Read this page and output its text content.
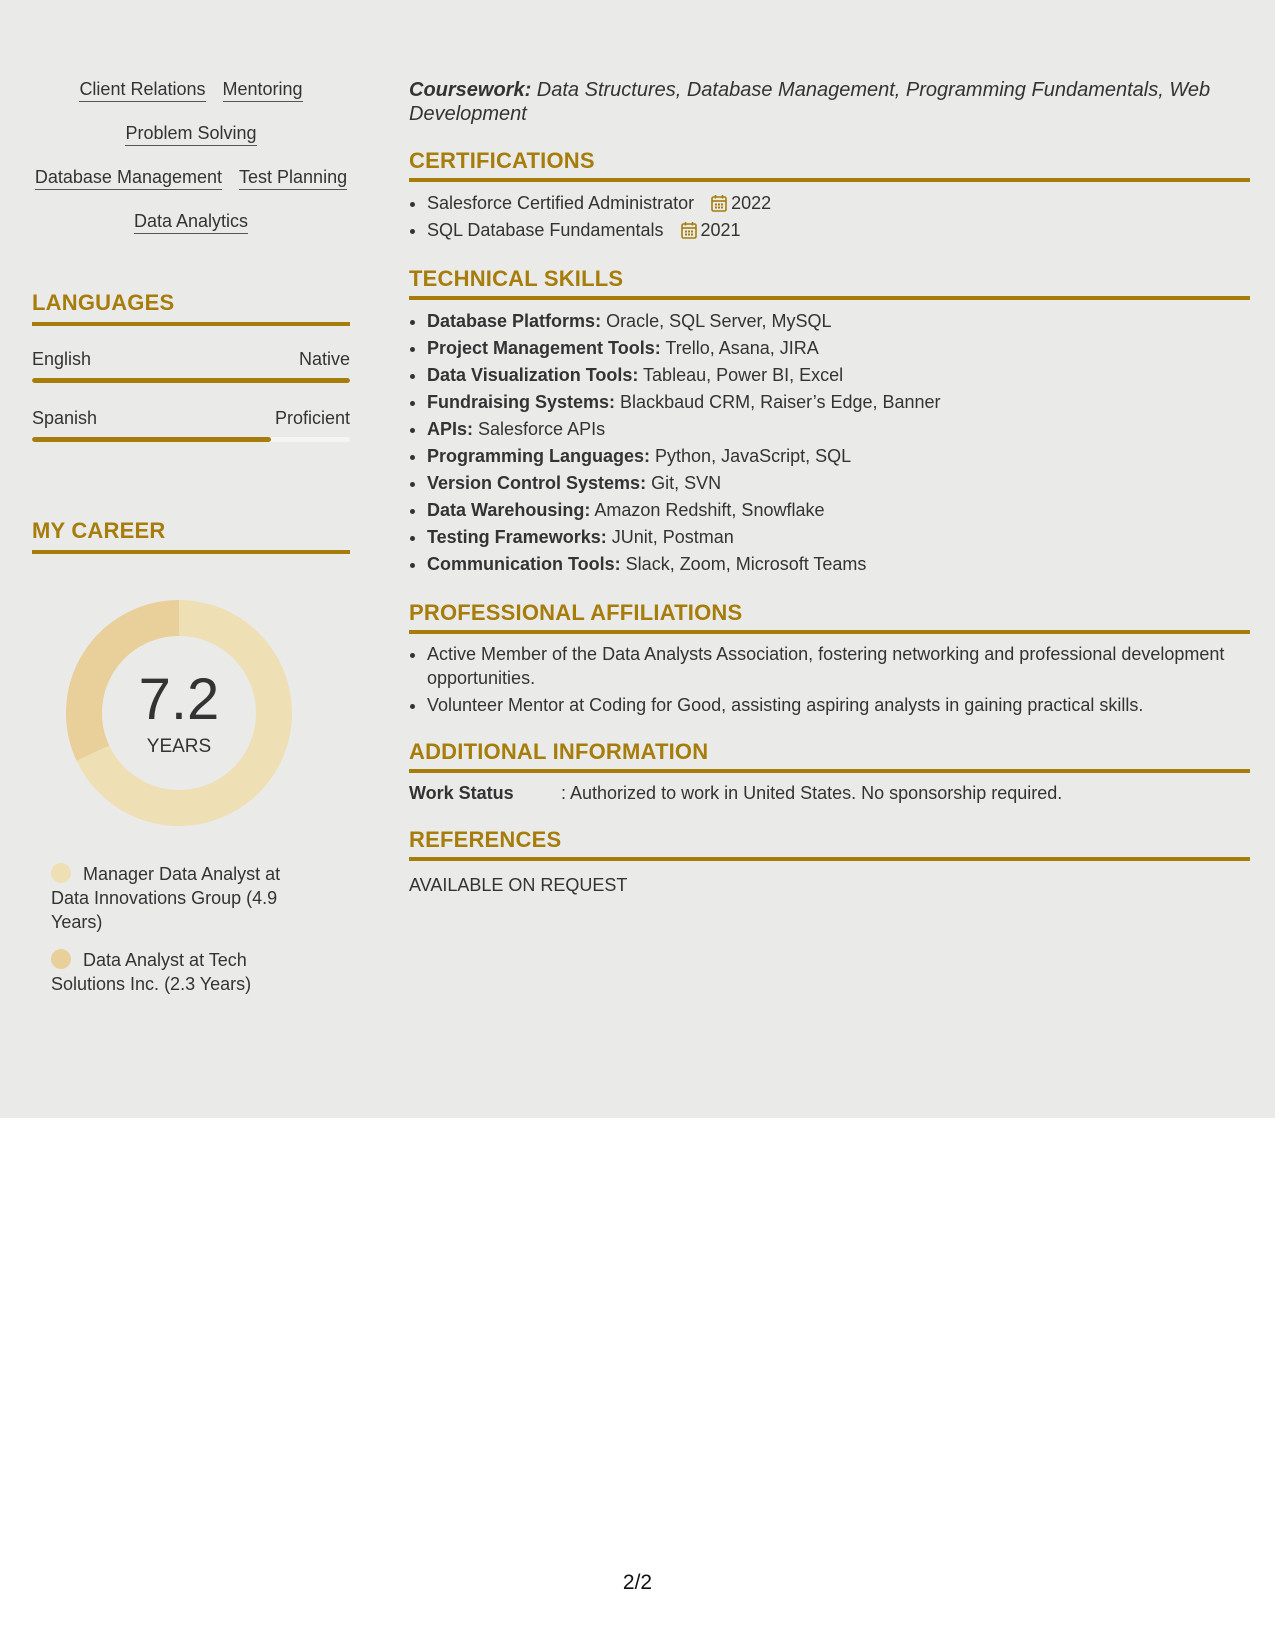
Client Relations Mentoring
Problem Solving
Database Management Test Planning
Data Analytics
LANGUAGES
English	Native
Spanish	Proficient
MY CAREER
7.2
YEARS
Manager Data Analyst at Data Innovations Group (4.9 Years)
Data Analyst at Tech Solutions Inc. (2.3 Years)
Coursework: Data Structures, Database Management, Programming Fundamentals, Web Development
CERTIFICATIONS
• Salesforce Certified Administrator 2022
• SQL Database Fundamentals 2021
TECHNICAL SKILLS
• Database Platforms: Oracle, SQL Server, MySQL
• Project Management Tools: Trello, Asana, JIRA
• Data Visualization Tools: Tableau, Power BI, Excel
• Fundraising Systems: Blackbaud CRM, Raiser’s Edge, Banner
• APIs: Salesforce APIs
• Programming Languages: Python, JavaScript, SQL
• Version Control Systems: Git, SVN
• Data Warehousing: Amazon Redshift, Snowflake
• Testing Frameworks: JUnit, Postman
• Communication Tools: Slack, Zoom, Microsoft Teams
PROFESSIONAL AFFILIATIONS
• Active Member of the Data Analysts Association, fostering networking and professional development opportunities.
• Volunteer Mentor at Coding for Good, assisting aspiring analysts in gaining practical skills.
ADDITIONAL INFORMATION
Work Status	: Authorized to work in United States. No sponsorship required.
REFERENCES
AVAILABLE ON REQUEST
2/2
